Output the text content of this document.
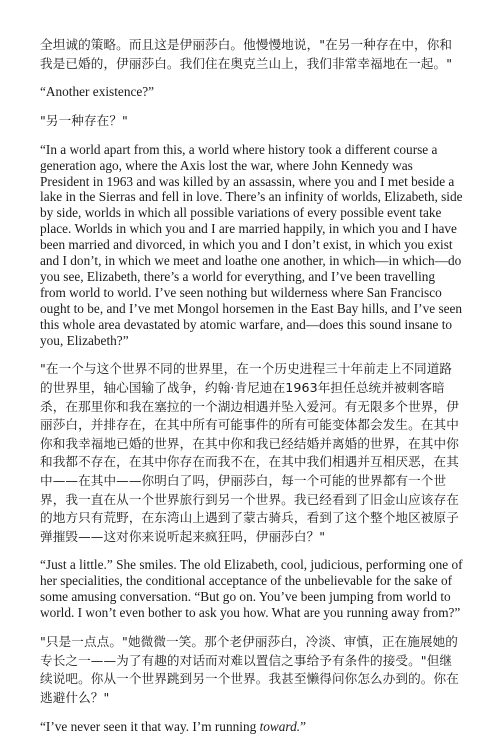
全坦诚的策略。而且这是伊丽莎白。他慢慢地说，"在另一种存在中，你和我是已婚的，伊丽莎白。我们住在奥克兰山上，我们非常幸福地在一起。"

“Another existence?”

"另一种存在？"

“In a world apart from this, a world where history took a different course a generation ago, where the Axis lost the war, where John Kennedy was President in 1963 and was killed by an assassin, where you and I met beside a lake in the Sierras and fell in love. There’s an infinity of worlds, Elizabeth, side by side, worlds in which all possible variations of every possible event take place. Worlds in which you and I are married happily, in which you and I have been married and divorced, in which you and I don’t exist, in which you exist and I don’t, in which we meet and loathe one another, in which—in which—do you see, Elizabeth, there’s a world for everything, and I’ve been travelling from world to world. I’ve seen nothing but wilderness where San Francisco ought to be, and I’ve met Mongol horsemen in the East Bay hills, and I’ve seen this whole area devastated by atomic warfare, and—does this sound insane to you, Elizabeth?”

"在一个与这个世界不同的世界里，在一个历史进程三十年前走上不同道路的世界里，轴心国输了战争，约翰·肯尼迪在1963年担任总统并被刺客暗杀，在那里你和我在塞拉的一个湖边相遇并坠入爱河。有无限多个世界，伊丽莎白，并排存在，在其中所有可能事件的所有可能变体都会发生。在其中你和我幸福地已婚的世界，在其中你和我已经结婚并离婚的世界，在其中你和我都不存在，在其中你存在而我不在，在其中我们相遇并互相厌恶，在其中——在其中——你明白了吗，伊丽莎白，每一个可能的世界都有一个世界，我一直在从一个世界旅行到另一个世界。我已经看到了旧金山应该存在的地方只有荒野，在东湾山上遇到了蒙古骑兵，看到了这个整个地区被原子弹摧毁——这对你来说听起来疯狂吗，伊丽莎白？"

“Just a little.” She smiles. The old Elizabeth, cool, judicious, performing one of her specialities, the conditional acceptance of the unbelievable for the sake of some amusing conversation. “But go on. You’ve been jumping from world to world. I won’t even bother to ask you how. What are you running away from?”

"只是一点点。"她微微一笑。那个老伊丽莎白，冷淡、审慎，正在施展她的专长之一——为了有趣的对话而对难以置信之事给予有条件的接受。"但继续说吧。你从一个世界跳到另一个世界。我甚至懒得问你怎么办到的。你在逃避什么？"

“I’ve never seen it that way. I’m running toward.”
